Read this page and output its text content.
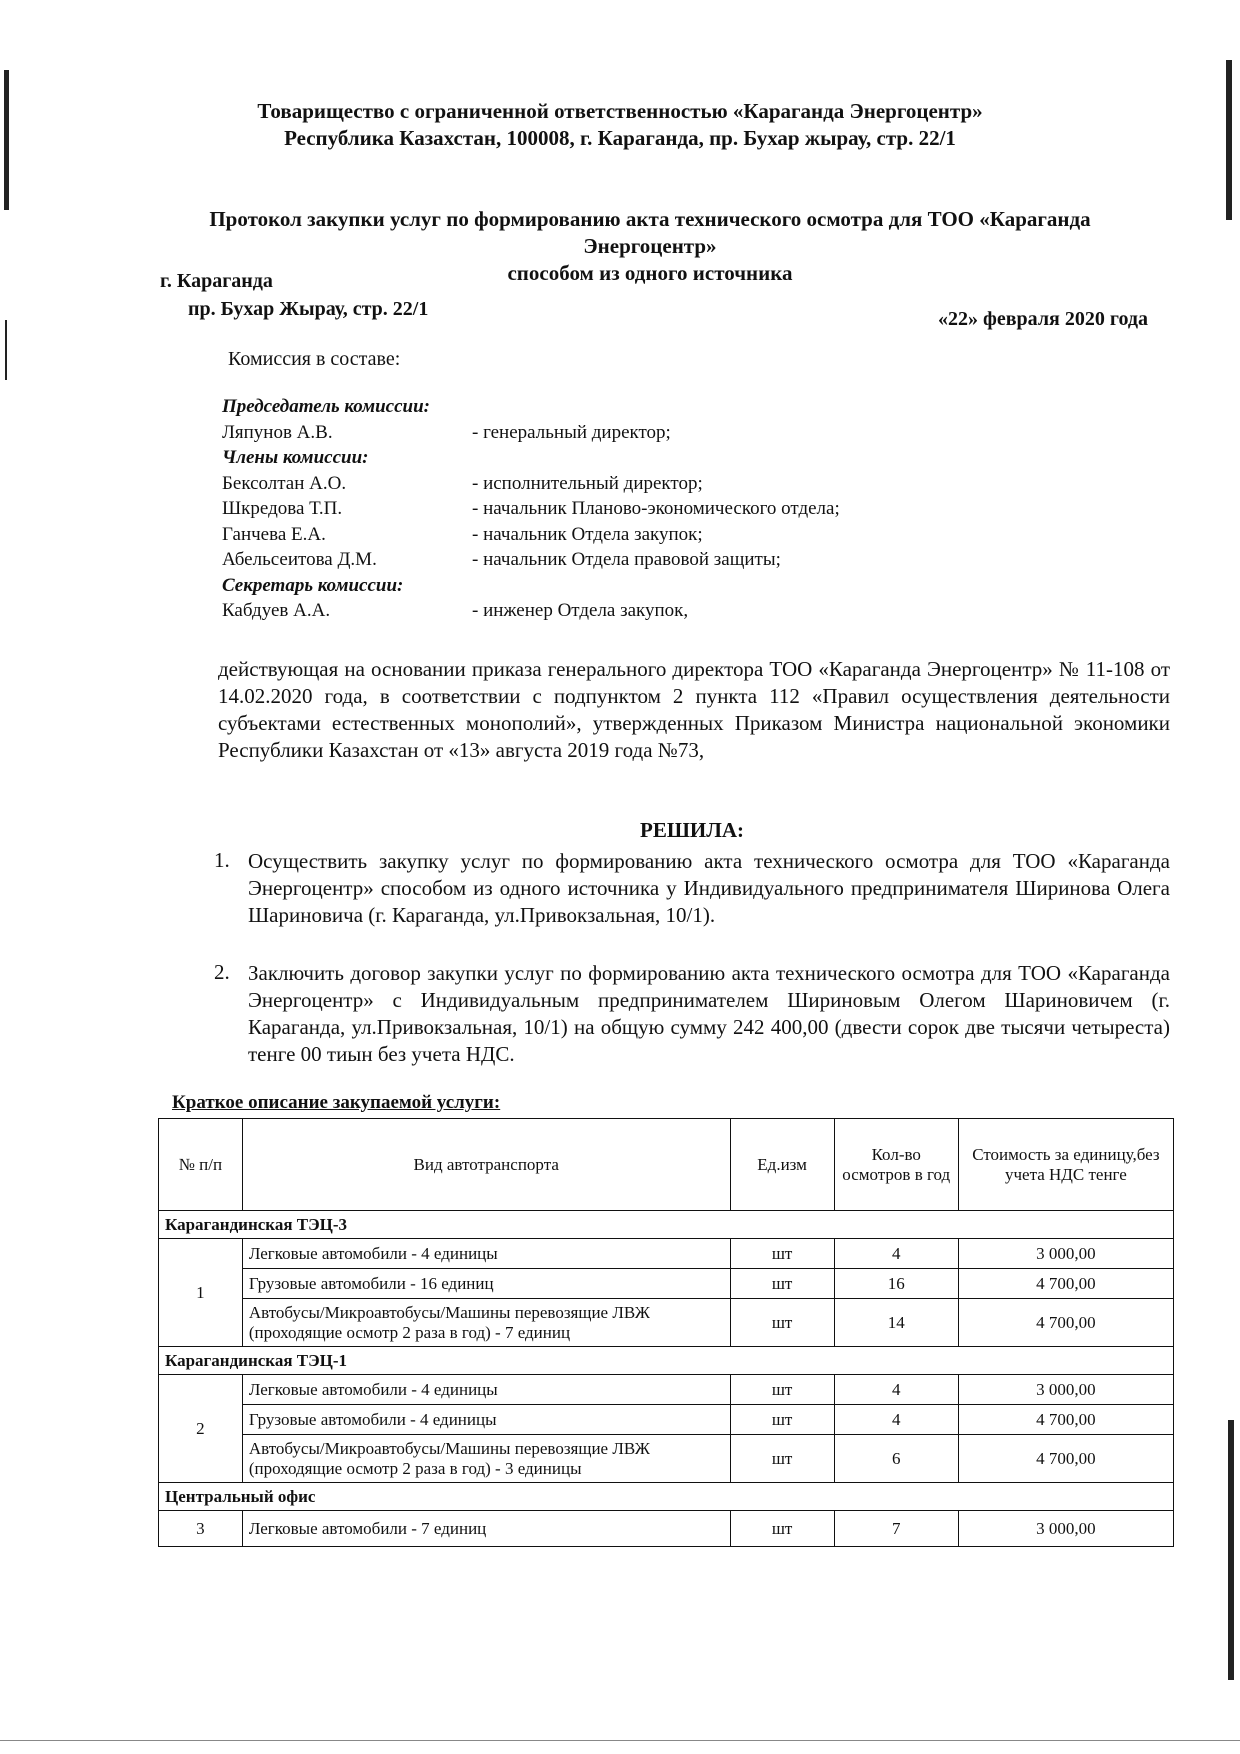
Товарищество с ограниченной ответственностью «Караганда Энергоцентр»
Республика Казахстан, 100008, г. Караганда, пр. Бухар жырау, стр. 22/1
Протокол закупки услуг по формированию акта технического осмотра для ТОО «Караганда
Энергоцентр»
способом из одного источника
г. Караганда
пр. Бухар Жырау, стр. 22/1	«22» февраля 2020 года
Комиссия в составе:
Председатель комиссии:
Ляпунов А.В.	- генеральный директор;
Члены комиссии:
Бексолтан А.О.	- исполнительный директор;
Шкредова Т.П.	- начальник Планово-экономического отдела;
Ганчева Е.А.	- начальник Отдела закупок;
Абельсеитова Д.М.	- начальник Отдела правовой защиты;
Секретарь комиссии:
Кабдуев А.А.	- инженер Отдела закупок,
действующая на основании приказа генерального директора ТОО «Караганда Энергоцентр» № 11-108 от 14.02.2020 года, в соответствии с подпунктом 2 пункта 112 «Правил осуществления деятельности субъектами естественных монополий», утвержденных Приказом Министра национальной экономики Республики Казахстан от «13» августа 2019 года №73,
РЕШИЛА:
1. Осуществить закупку услуг по формированию акта технического осмотра для ТОО «Караганда Энергоцентр» способом из одного источника у Индивидуального предпринимателя Ширинова Олега Шариновича (г. Караганда, ул.Привокзальная, 10/1).
2. Заключить договор закупки услуг по формированию акта технического осмотра для ТОО «Караганда Энергоцентр» с Индивидуальным предпринимателем Шириновым Олегом Шариновичем (г. Караганда, ул.Привокзальная, 10/1) на общую сумму 242 400,00 (двести сорок две тысячи четыреста) тенге 00 тиын без учета НДС.
Краткое описание закупаемой услуги:
№ п/п	Вид автотранспорта	Ед.изм	Кол-во осмотров в год	Стоимость за единицу,без учета НДС тенге
Карагандинская ТЭЦ-3				
1	Легковые автомобили - 4 единицы	шт	4	3 000,00
	Грузовые автомобили - 16 единиц	шт	16	4 700,00
	Автобусы/Микроавтобусы/Машины перевозящие ЛВЖ (проходящие осмотр 2 раза в год) - 7 единиц	шт	14	4 700,00
Карагандинская ТЭЦ-1				
2	Легковые автомобили - 4 единицы	шт	4	3 000,00
	Грузовые автомобили - 4 единицы	шт	4	4 700,00
	Автобусы/Микроавтобусы/Машины перевозящие ЛВЖ (проходящие осмотр 2 раза в год) - 3 единицы	шт	6	4 700,00
Центральный офис				
3	Легковые автомобили - 7 единиц	шт	7	3 000,00
